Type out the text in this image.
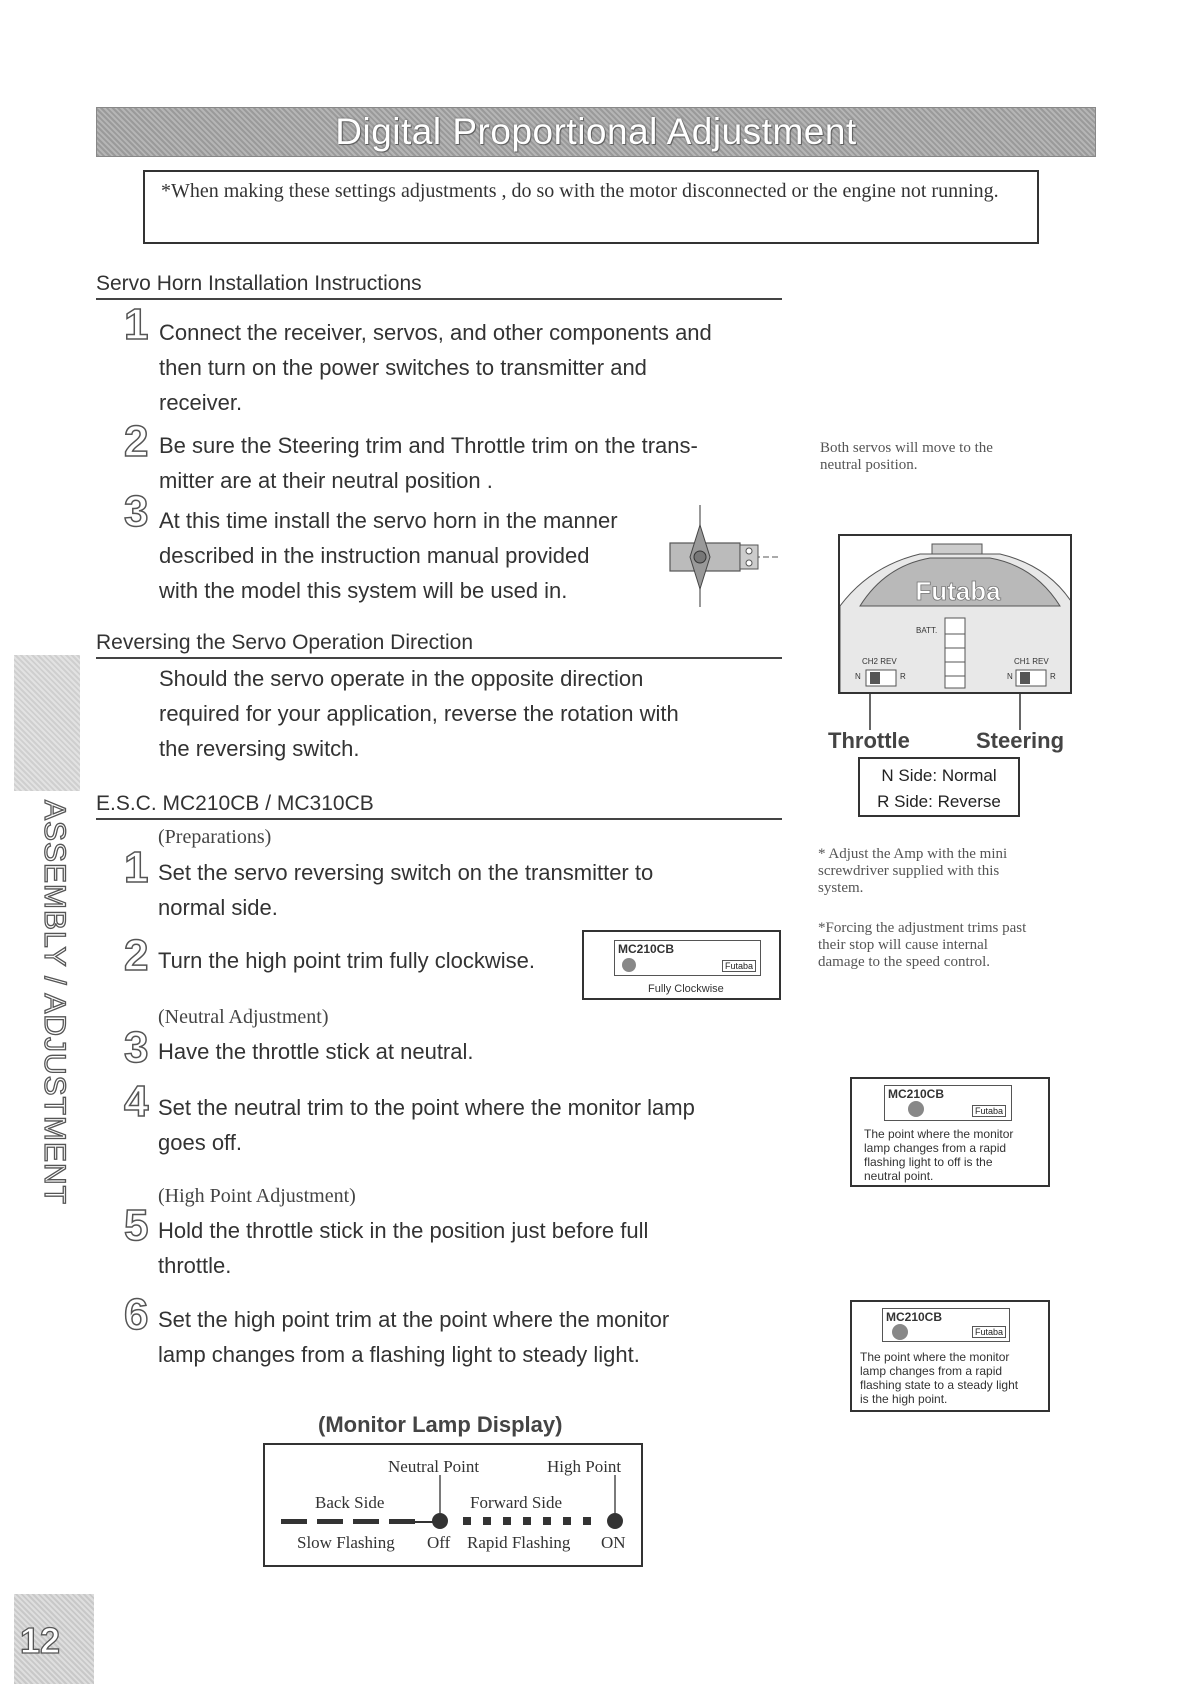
Digital Proportional Adjustment
*When making these settings adjustments , do so with the motor disconnected or the engine not running.
Servo Horn Installation Instructions
1 Connect the receiver, servos, and other components and
then turn on the power switches to transmitter and
receiver.
2 Be sure the Steering trim and Throttle trim on the trans-
mitter are at their neutral position .
3 At this time install the servo horn in the manner
described in the instruction manual provided
with the model this system will be used in.
Both servos will move to the
neutral position.
Futaba
BATT.
CH2 REV	CH1 REV
N	R	N	R
Throttle	Steering
N Side: Normal
R Side: Reverse
Reversing the Servo Operation Direction
Should the servo operate in the opposite direction
required for your application, reverse the rotation with
the reversing switch.
ASSEMBLY / ADJUSTMENT E.S.C. MC210CB / MC310CB
(Preparations)
1 Set the servo reversing switch on the transmitter to
normal side.
2 Turn the high point trim fully clockwise.	MC210CB
Futaba
Fully Clockwise
* Adjust the Amp with the mini
screwdriver supplied with this
system.
*Forcing the adjustment trims past
their stop will cause internal
damage to the speed control.
(Neutral Adjustment)
3 Have the throttle stick at neutral.
4 Set the neutral trim to the point where the monitor lamp
goes off.
MC210CB
Futaba
The point where the monitor
lamp changes from a rapid
flashing light to off is the
neutral point.
(High Point Adjustment)
5 Hold the throttle stick in the position just before full
throttle.
6 Set the high point trim at the point where the monitor
lamp changes from a flashing light to steady light.
MC210CB
Futaba
The point where the monitor
lamp changes from a rapid
flashing state to a steady light
is the high point.
(Monitor Lamp Display)
Neutral Point	High Point
Back Side	Forward Side
Slow Flashing Off Rapid Flashing ON
12
